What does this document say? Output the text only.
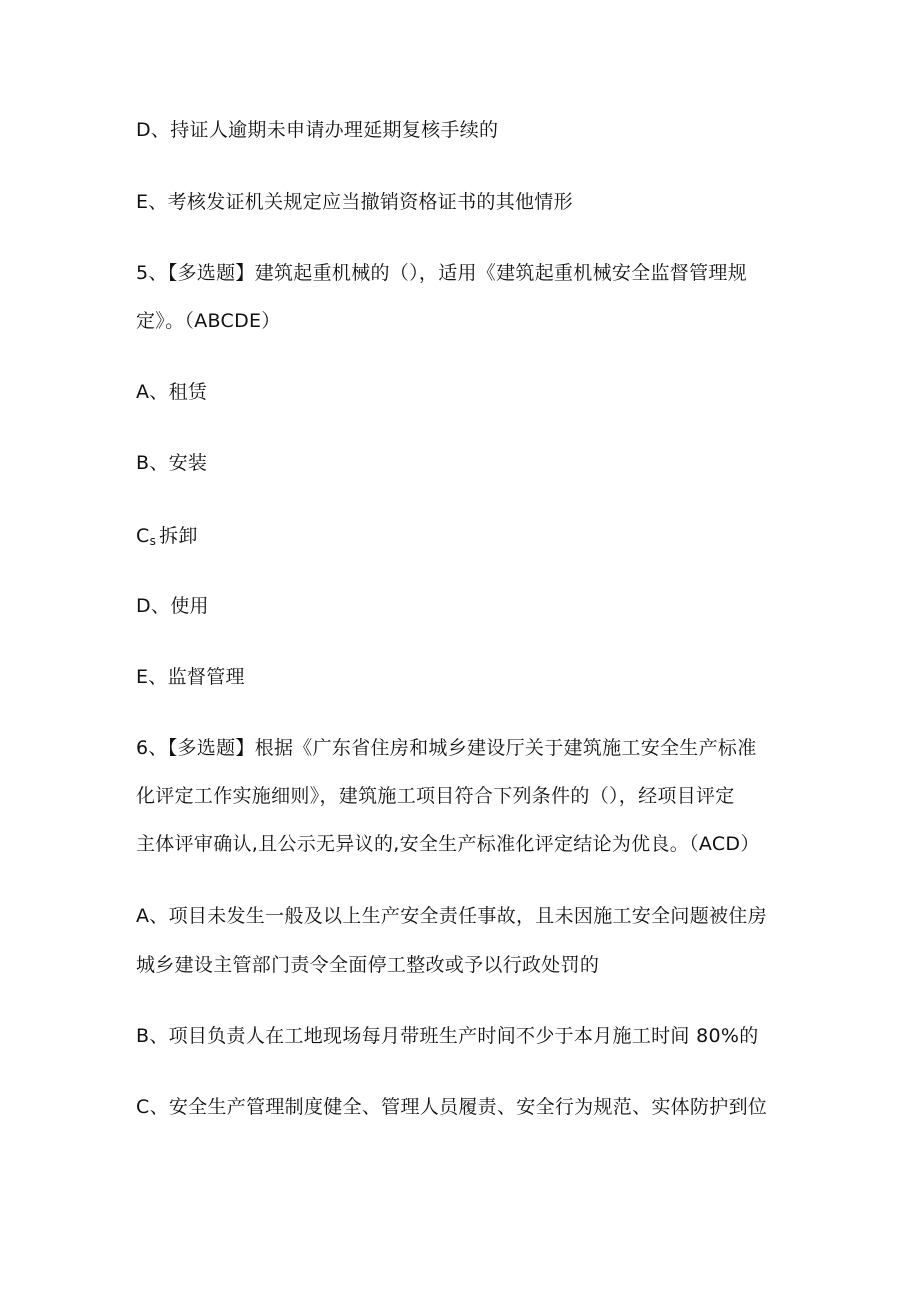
D、持证人逾期未申请办理延期复核手续的
E、考核发证机关规定应当撤销资格证书的其他情形
5、【多选题】建筑起重机械的（），适用《建筑起重机械安全监督管理规
定》。（ABCDE）
A、租赁
B、安装
$C_s$ 拆卸
D、使用
E、监督管理
6、【多选题】根据《广东省住房和城乡建设厅关于建筑施工安全生产标准
化评定工作实施细则》，建筑施工项目符合下列条件的（），经项目评定
主体评审确认,且公示无异议的,安全生产标准化评定结论为优良。（ACD）
A、项目未发生一般及以上生产安全责任事故，且未因施工安全问题被住房
城乡建设主管部门责令全面停工整改或予以行政处罚的
B、项目负责人在工地现场每月带班生产时间不少于本月施工时间 80%的
C、安全生产管理制度健全、管理人员履责、安全行为规范、实体防护到位
